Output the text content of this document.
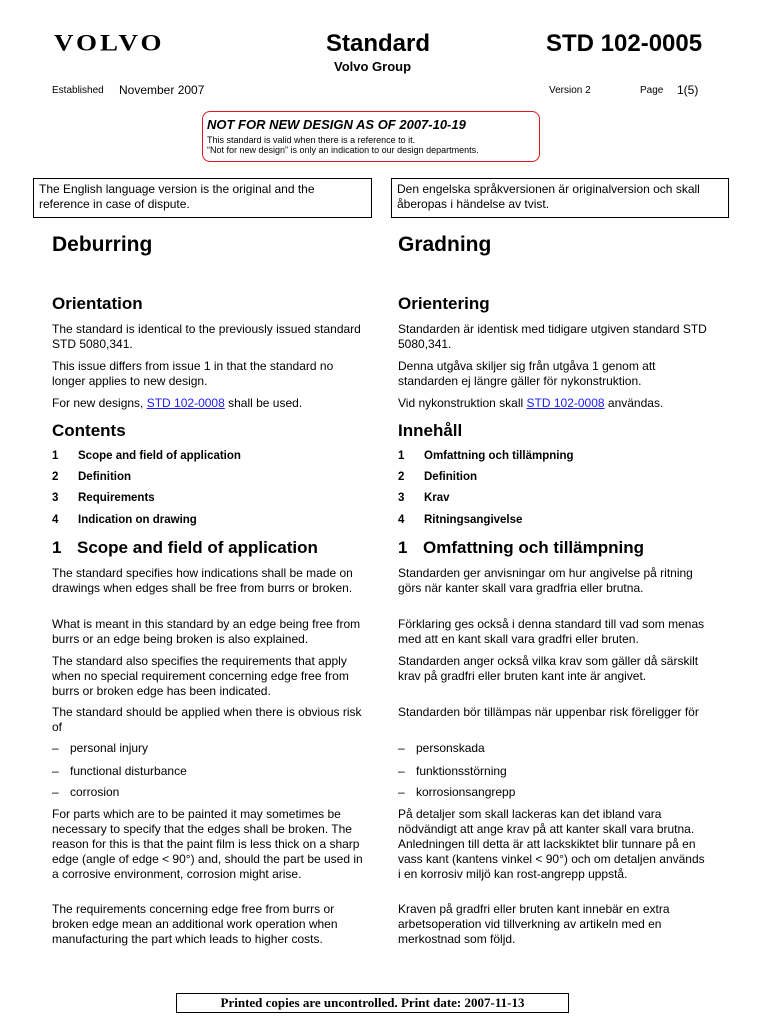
VOLVO	Standard
Volvo Group
STD 102-0005
Established November 2007	Version 2	Page 1(5)
NOT FOR NEW DESIGN AS OF 2007-10-19
This standard is valid when there is a reference to it.
“Not for new design” is only an indication to our design departments.
The English language version is the original and the reference in case of dispute.
Den engelska språkversionen är originalversion och skall åberopas i händelse av tvist.
Deburring
Orientation

The standard is identical to the previously issued standard STD 5080,341.

This issue differs from issue 1 in that the standard no longer applies to new design.

For new designs, STD 102-0008 shall be used.

Contents
1 Scope and field of application
2 Definition
3 Requirements
4 Indication on drawing
1 Scope and field of application

The standard specifies how indications shall be made on drawings when edges shall be free from burrs or broken.

What is meant in this standard by an edge being free from burrs or an edge being broken is also explained.

The standard also specifies the requirements that apply when no special requirement concerning edge free from burrs or broken edge has been indicated.

The standard should be applied when there is obvious risk of

– personal injury
– functional disturbance
– corrosion

For parts which are to be painted it may sometimes be necessary to specify that the edges shall be broken. The reason for this is that the paint film is less thick on a sharp edge (angle of edge < 90°) and, should the part be used in a corrosive environment, corrosion might arise.

The requirements concerning edge free from burrs or broken edge mean an additional work operation when manufacturing the part which leads to higher costs.

Gradning
Orientering

Standarden är identisk med tidigare utgiven standard STD 5080,341.

Denna utgåva skiljer sig från utgåva 1 genom att standarden ej längre gäller för nykonstruktion.

Vid nykonstruktion skall STD 102-0008 användas.

Innehåll
1 Omfattning och tillämpning
2 Definition
3 Krav
4 Ritningsangivelse
1 Omfattning och tillämpning

Standarden ger anvisningar om hur angivelse på ritning görs när kanter skall vara gradfria eller brutna.

Förklaring ges också i denna standard till vad som menas med att en kant skall vara gradfri eller bruten.

Standarden anger också vilka krav som gäller då särskilt krav på gradfri eller bruten kant inte är angivet.

Standarden bör tillämpas när uppenbar risk föreligger för

– personskada
– funktionsstörning
– korrosionsangrepp

På detaljer som skall lackeras kan det ibland vara nödvändigt att ange krav på att kanter skall vara brutna. Anledningen till detta är att lackskiktet blir tunnare på en vass kant (kantens vinkel < 90°) och om detaljen används i en korrosiv miljö kan rost-angrepp uppstå.

Kraven på gradfri eller bruten kant innebär en extra arbetsoperation vid tillverkning av artikeln med en merkostnad som följd.

Printed copies are uncontrolled. Print date: 2007-11-13
